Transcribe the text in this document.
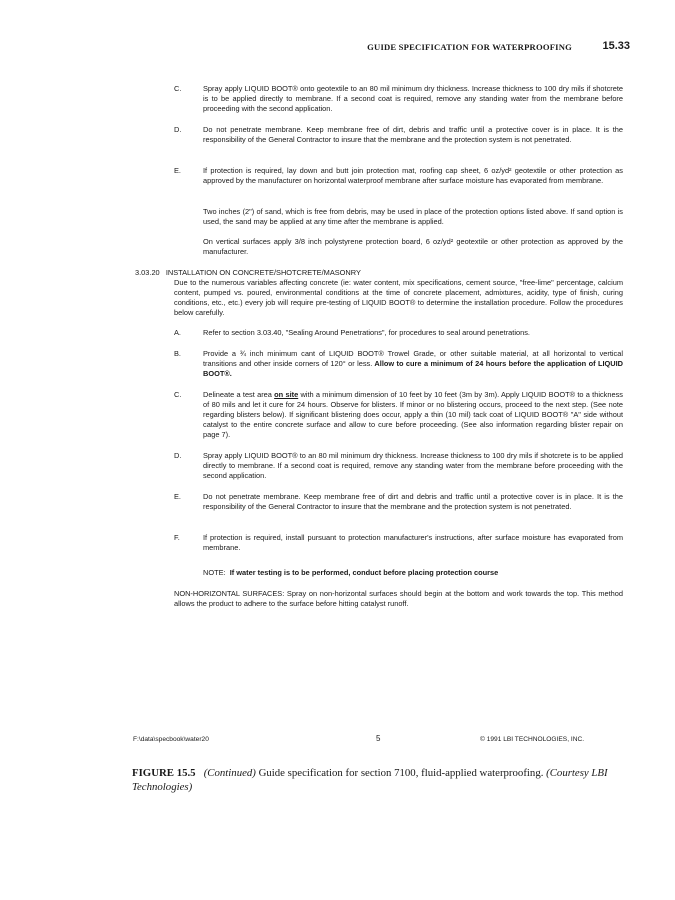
GUIDE SPECIFICATION FOR WATERPROOFING	15.33
C.	Spray apply LIQUID BOOT® onto geotextile to an 80 mil minimum dry thickness. Increase thickness to 100 dry mils if shotcrete is to be applied directly to membrane. If a second coat is required, remove any standing water from the membrane before proceeding with the second application.
D.	Do not penetrate membrane. Keep membrane free of dirt, debris and traffic until a protective cover is in place. It is the responsibility of the General Contractor to insure that the membrane and the protection system is not penetrated.
E.	If protection is required, lay down and butt join protection mat, roofing cap sheet, 6 oz/yd² geotextile or other protection as approved by the manufacturer on horizontal waterproof membrane after surface moisture has evaporated from membrane.
Two inches (2") of sand, which is free from debris, may be used in place of the protection options listed above. If sand option is used, the sand may be applied at any time after the membrane is applied.
On vertical surfaces apply 3/8 inch polystyrene protection board, 6 oz/yd² geotextile or other protection as approved by the manufacturer.
3.03.20 INSTALLATION ON CONCRETE/SHOTCRETE/MASONRY
Due to the numerous variables affecting concrete (ie: water content, mix specifications, cement source, "free-lime" percentage, calcium content, pumped vs. poured, environmental conditions at the time of concrete placement, admixtures, acidity, type of finish, curing conditions, etc., etc.) every job will require pre-testing of LIQUID BOOT® to determine the installation procedure. Follow the procedures below carefully.
A.	Refer to section 3.03.40, "Sealing Around Penetrations", for procedures to seal around penetrations.
B.	Provide a ¾ inch minimum cant of LIQUID BOOT® Trowel Grade, or other suitable material, at all horizontal to vertical transitions and other inside corners of 120° or less. Allow to cure a minimum of 24 hours before the application of LIQUID BOOT®.
C.	Delineate a test area on site with a minimum dimension of 10 feet by 10 feet (3m by 3m). Apply LIQUID BOOT® to a thickness of 80 mils and let it cure for 24 hours. Observe for blisters. If minor or no blistering occurs, proceed to the next step. (See note regarding blisters below). If significant blistering does occur, apply a thin (10 mil) tack coat of LIQUID BOOT® "A" side without catalyst to the entire concrete surface and allow to cure before proceeding. (See also information regarding blister repair on page 7).
D.	Spray apply LIQUID BOOT® to an 80 mil minimum dry thickness. Increase thickness to 100 dry mils if shotcrete is to be applied directly to membrane. If a second coat is required, remove any standing water from the membrane before proceeding with the second application.
E.	Do not penetrate membrane. Keep membrane free of dirt and debris and traffic until a protective cover is in place. It is the responsibility of the General Contractor to insure that the membrane and the protection system is not penetrated.
F.	If protection is required, install pursuant to protection manufacturer's instructions, after surface moisture has evaporated from membrane.
NOTE: If water testing is to be performed, conduct before placing protection course
NON-HORIZONTAL SURFACES: Spray on non-horizontal surfaces should begin at the bottom and work towards the top. This method allows the product to adhere to the surface before hitting catalyst runoff.
F:\data\specbook\water20	5	© 1991 LBI TECHNOLOGIES, INC.
FIGURE 15.5 (Continued) Guide specification for section 7100, fluid-applied waterproofing. (Courtesy LBI Technologies)
